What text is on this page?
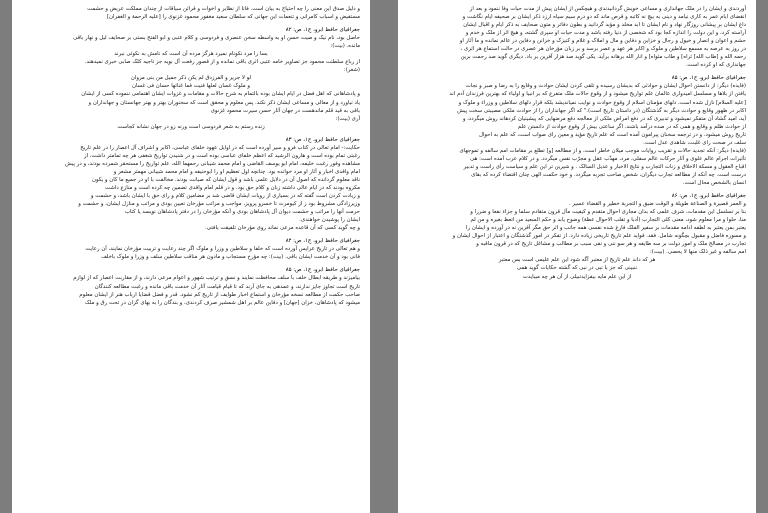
و دلیل صدق این معنی را چه احتیاج به بیان است. فانا از نظایر و اخوات و قرائن سیاقات از چندان مملکت عریض و حشمت
مستفیض و اسباب کامرانی و تنعمات این جهانی که سلطان سعید مغفور محمود غزنوی را [علیه الرحمة و الغفران]
جغرافیای حافظ ابرو، ج۱، ص: ۸۲
حاصل بود، نام نیک و صیت حسن او به واسطه سخن عنصری و فردوسی و کلام عتبی و ابو الفتح بستی بر صحایف لیل و نهار باقی
مانده. (بیت):
بسا را مرد نکونام نمیرد هرگز مرده آن است که نامش به نکوئی نبرند
از رباع سلطنت محمود جز تصاویر خامه عتبی اثری باقی نمانده و از قصور رفعت آل بویه جز تاجیه کلک صابی خبری نمیدهند.
(شعر):
لو لا جریر و الفرزدق لم یکن ذکر جمیل من بنی مروان
و ملوک غسان لعلها فنیت فما غنائها حسان فی غسان
و پادشاهانی که اهل فضل در ایام ایشان بوده بالتمام به شرح حالات و مقامات و غزوات ایشان اهتمامی ننموده کسی از ایشان
یاد نیاورد و از معالی و مساعی ایشان ذکر نکند. پس معلوم و محقق است که سخنوران بهتر و بهتر جهانستان و جهانداران و
باقی به قید قلم ماندهست در جهان آثار حسن سیرت محمود غزنوی
آری (بیت):
زنده رستم به شعر فردوسی است ورنه زو در جهان نشانه کجاست
جغرافیای حافظ ابرو، ج۱، ص: ۸۳
حکایت:- امام تعالی در کتاب فرو و سیر آورده است که در اوایل عهود خلفای عباسی، اکابر و اشراف آل اعصار را در علم تاریخ
رغبتی تمام بوده است و هارون الرشید که اعظم خلفای عباسی بوده است و در شنیدن تواریخ شغفی هر چه تمامتر داشت، از
مشاهده وفور رغبت خلیفه، امام ابو یوسف القاضی و امام محمد شیبانی رحمهما الله، علم تواریخ را مستحقر شمرده بودند، و در پیش
امام واقدی اخبار و آثار او مرد خوانده بود. چنانچه اول تعظیم او را ابوحنیفه و امام محمد شیبانی مهمتر مشعر و
ناقد معلوم گردانده که اصول آن در دلایل علمی باشد و قول ایشان که صیانت بودند. مخالفت با او در جمیع ما کان و یکون
مکروه بودند که در ایام عالی داشته زبان و کلام حق بود. و در قلم امام واقدی تضمین چه کرده است و منازع داشت
و زیادت کردن است گفته که در بسیاری از رویات ایشان قاضی شد بر مضامین کلام و رای حق با ایشان باشد، و حشمت و
وزیرزادگی مشروط بود ز از کیومرث تا خسرو پرویز، مواجب و مراتب مؤرخان تعیین بودی و مراتب و منازل ایشان، و حشمت و
حرمت آنها را مراتب و حشمت دیوان آل پادشاهان بودی و آنکه مؤرخان را در دفتر پادشاهان نویسد یا کتاب
ایشان را پوشیدن خواهندی.
و چه گوید کسی که آن قاعده مرعی نماند روی مؤرخان تلفیقت یافتی.
جغرافیای حافظ ابرو، ج۱، ص: ۸۴
و هم تعالی در تاریخ عرایس آورده است که خلفا و سلاطین و وزرا و ملوک اگر چند رعایت و تربیت مؤرخان نمایند، آن رعایت
فانی بود و آن خدمت ایشان باقی. (بیت): چه مؤرخ مستجاب و مادون هر مناقب سلاطین سلف و وزرا و ملوک باخلف
جغرافیای حافظ ابرو، ج۱، ص: ۸۵
بیامیزند و طریقه ابطال خلف با سلف محافظت نمایند و نسق و ترتیب شهور و اعوام مرعی دارند، و از مقاربت اعصار که از لوازم
تاریخ است تجاوز جایز ندارند، و عمدهی به جای آرند که تا قیام قیامت آثار آن خدمت باقی مانده و رغبت مطالعه کنندگان
صاحب حکمت از مطالعه نسخه مؤرخان و استماع اخبار طوایف از تاریخ کم نشود. قدر و فضل قضایا ارباب هنر از ایشان معلوم
میشود که پادشاهان، خزان [جهان] و دفاین عالم بر اهل شمشیر صرف کردندی، و بندگان را به بهای گزان در تحت رق و ملک
آوردندی و ایشان را در ملک جهانداری و مساعی خویش گردانیدندی و هیچکس از ایشان پیش از مدت حیات وفا ننمود و بعد از
انقضای ایام عمر به کاری نیامد و دینی به بیچ نه کاتبه و قرص ماند که دو درم سیم سیاه ارزد ذکر ایشان بر صحیفه ایام نگاشت و
داغ ایشان بر پیشانی روزگار نهاد و نام ایشان تا ابد مخلد و مؤبد گردانید و بطون دفاتر و متون صحایف به ذکر ایام و اقبال ایشان
آراسته کرد، و این دولت را اندازه کجا بود که شخصی از دنیا رفته باشد و مدت حیات او سپری گشته، و هیچ اثر از ملک و خدم و
حشم و اعوان و انصار و خیول و رجال و خزاین و دفاین و مال و املاک و غلام و کنیزک و خزانن و دفاین در عالم نمانده و ما آثار او
در روز به عرصه به مسمع سلاطین و ملوک و اکابر هر عهد و عصر برسد و بر زبان مؤرخان هر عصری در حالت استماع هر اثری ،
رحمه الله و [طاب الله] ثراه] و طاب مثواه] و انار الله برهانه برآید. یکی گوید صد هزار آفرین بر باد. دیگری گوید صد رحمت برین
جهانداری که او کرده است.
جغرافیای حافظ ابرو، ج۱، ص: ۸۵
(فایده) دیگر: از دانستن احوال ایشان و حوادثی که بدیشان رسیده و تلقی کردن ایشان حوادث و وقایع را به رضا و صبر و نجات
یافتن از بلاها و مسلسل امیدواری عالمان علم تواریخ میشود و از وقوع حالات ملک متفرع که بر انبیا و اولیاء که بهترین فرزندان آدم اند
[علیه السلام] نازل شده است، دلهای مؤمنان اسلام از وقوع حوادث و نوایب نمیاندیشد بلکه قرار دلهای سلاطین و وزراء و ملوک و
اکابر در ظهور وقایع و حوادث دیگر به گذشتگان (در داستان تاریخ است)." که اگر جهانداران را از حوادث ملکی مصیبتی سخت پیش
آید، امید گشاد آن متفکر نمیشود و تدبیری که در دفع امراض ملکی از معالجه دفع مرضهایی که پیشینیان کردهاند روش میگردد، و
از حوادث ظلم و وقایع و همی که در صده درآمد باشند. اگر ساعتی بیش از وقوع حوادث از دانستن علم
تاریخ روش میشود. و در ترجمه سخنان پیرامون آمده است که علم تاریخ مؤید و معین رای صواب است، که علم به احوال
سلف در صحت رای غلبت، شاهدی عدل است.
(فایده) دیگر: آنکه تجدید حالات و تقریب روایات موجب میلان خاطر است، و از مطالعه [و] تطلع بر مقامات امم سالفه و تموجهای
تأثیرات اجرام عالم علوی و آثار حرکات عالم سفلی، مرد، مهذّب عقل و مجرّب نفس میگردد. و در کلام عرب آمده است: هی
اقباح العقول و مسکة الاخلاق و زنات التجارب و نتایج الاخبار و عدیل السالک . و شیرین تر این علم و سیاست رأی راست و تدبیر
درست است. چه آنکه از مطالعه تجارب دیگران، شخص صاحب تجربه میگردد. و خود حکمت الهی چنان اقتضاء کرده که بقای
انسان بالشخص محال است.
جغرافیای حافظ ابرو، ج۱، ص: ۸۶
و العمر قصیرة و الصناعة طویلة و الوقت ضیق و التجربة خطیر و القضاء عسیر .
بنا بر تسلسل این مقدمات، شرف علمی که بدان مجاری احوال متقدم و کیفیت مآل قرون متقادم سلما و جزاء نفعا و ضررا و
منا، حلوا و مرا معلوم شود، معنی کلی التجارب (أدبا و تقلب الاحوال عظة) وضوح یابد و حکم السعید من اتعظ بغیره و من لم
یعتبر بمن یعتبر به لطفه ادامه مقدمات بر سفیر الفلک فارغ شده نفسی همه جانب و اثر حق مگر آفرین نه در آورده و ایشان را
و مسوره فاضل و مقبول بچگونه شامل. فقد. فواید علم تاریخ تاریخی زیاده دارد. از تفکر در امور گذشتگان و اعتبار از احوال ایشان و
تجارب در مصالح ملک و امور دولت بر سه طایفه و هر سو ننی و نفی سبب بر مطالب و مشاغل تاریخ که در قرون ماقبه و
امم سالفه و غیر ذلک منها لا یحصی. (بیت):
هر که داند علم تاریخ از معتبر آگه شود این علم علیمی است بس معتبر
ننبینی که جز با نبی در نبی که گشته حکایات گوید همی
از این علم مایه بیفزایدتبیلی از آن هر چه میبایدت
